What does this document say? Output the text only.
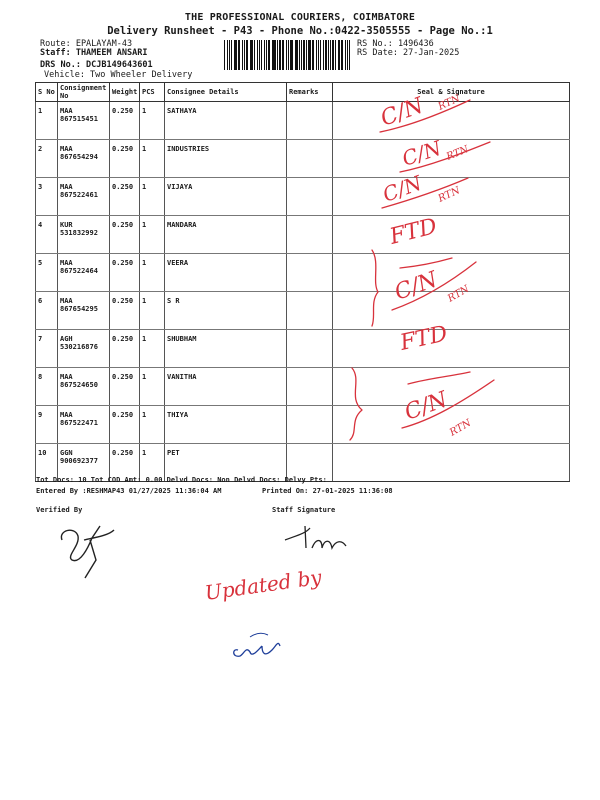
THE PROFESSIONAL COURIERS, COIMBATORE
Delivery Runsheet - P43 - Phone No.:0422-3505555 - Page No.:1
Route: EPALAYAM-43
Staff: THAMEEM ANSARI
DRS No.: DCJB149643601
Vehicle: Two Wheeler Delivery
RS No.: 1496436
RS Date: 27-Jan-2025
S No	Consignment No	Weight	PCS	Consignee Details	Remarks	Seal & Signature
1	MAA 867515451	0.250	1	SATHAYA		
2	MAA 867654294	0.250	1	INDUSTRIES		
3	MAA 867522461	0.250	1	VIJAYA		
4	KUR 531832992	0.250	1	MANDARA		
5	MAA 867522464	0.250	1	VEERA		
6	MAA 867654295	0.250	1	S R		
7	AGH 530216876	0.250	1	SHUBHAM		
8	MAA 867524650	0.250	1	VANITHA		
9	MAA 867522471	0.250	1	THIYA		
10	GGN 900692377	0.250	1	PET		
Tot Docs: 10 Tot COD Amt: 0.00 Delvd Docs: Non Delvd Docs: Delvy Pts:
Entered By :RESHMAP43 01/27/2025 11:36:04 AM	Printed On: 27-01-2025 11:36:08
Verified By	Staff Signature
C/N RTN
C/N RTN
C/N RTN
FTD
C/N RTN
FTD
C/N
RTN
Updated by
